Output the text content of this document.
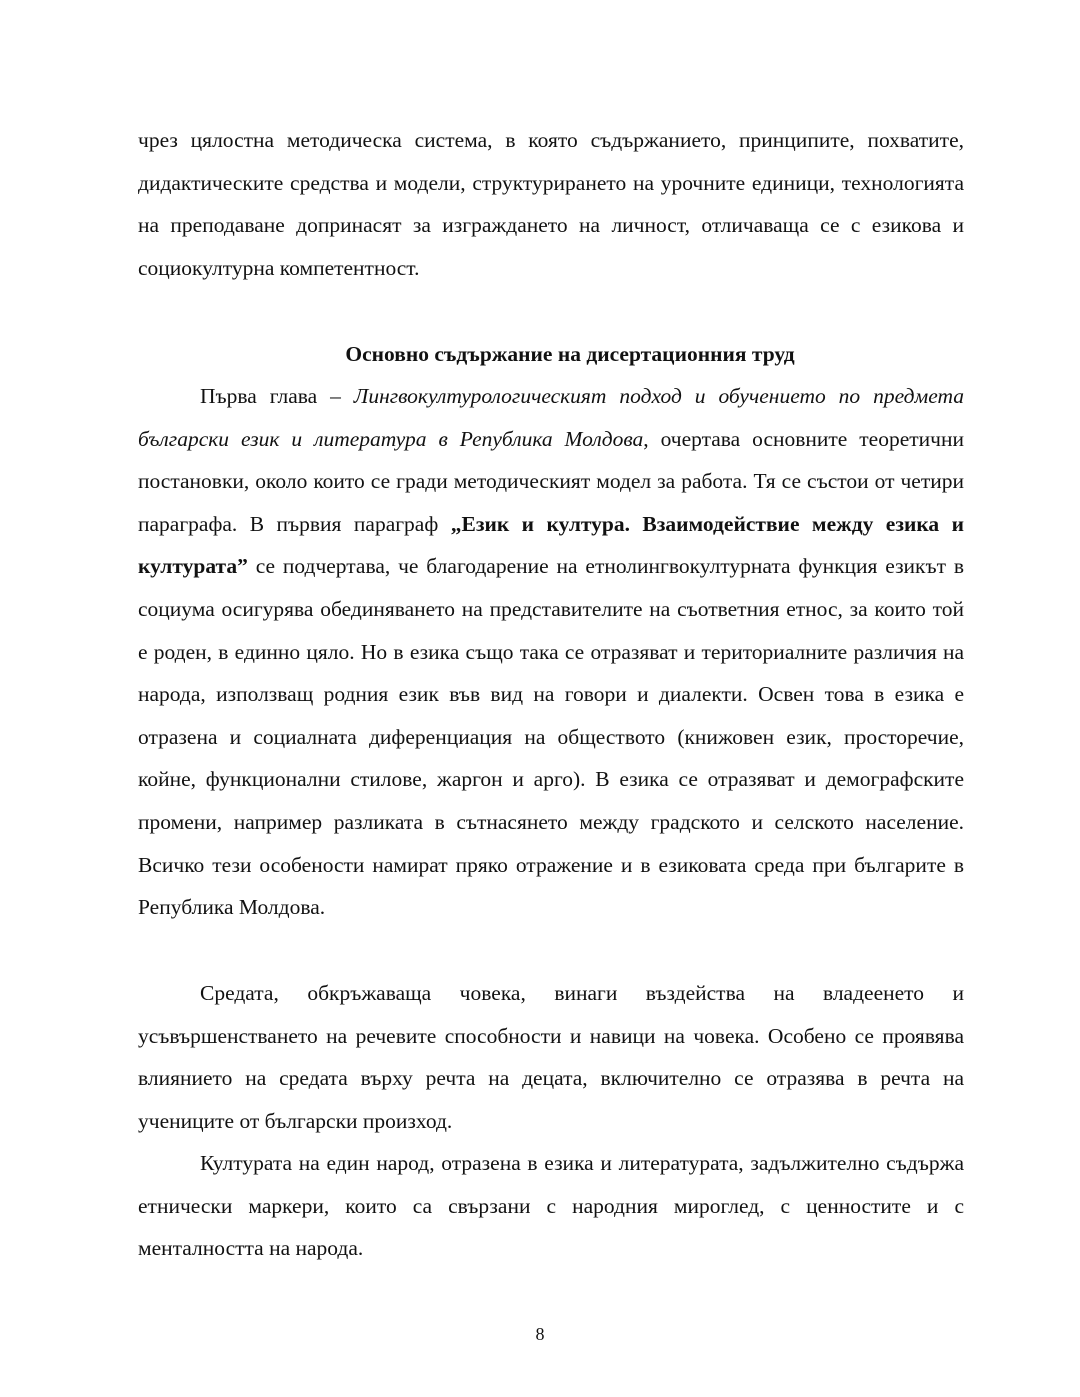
чрез цялостна методическа система, в която съдържанието, принципите, похватите, дидактическите средства и модели, структурирането на урочните единици, технологията на преподаване допринасят за изграждането на личност, отличаваща се с езикова и социокултурна компетентност.

Основно съдържание на дисертационния труд

Първа глава – Лингвокултурологическият подход и обучението по предмета български език и литература в Република Молдова, очертава основните теоретични постановки, около които се гради методическият модел за работа. Тя се състои от четири параграфа. В първия параграф „Език и култура. Взаимодействие между езика и културата” се подчертава, че благодарение на етнолингвокултурната функция езикът в социума осигурява обединяването на представителите на съответния етнос, за които той е роден, в единно цяло. Но в езика също така се отразяват и териториалните различия на народа, използващ родния език във вид на говори и диалекти. Освен това в езика е отразена и социалната диференциация на обществото (книжовен език, просторечие, койне, функционални стилове, жаргон и арго). В езика се отразяват и демографските промени, например разликата в сътнасянето между градското и селското население. Всичко тези особености намират пряко отражение и в езиковата среда при българите в Република Молдова.

Средата, обкръжаваща човека, винаги въздейства на владеенето и усъвършенстването на речевите способности и навици на човека. Особено се проявява влиянието на средата върху речта на децата, включително се отразява в речта на учениците от български произход.

Културата на един народ, отразена в езика и литературата, задължително съдържа етнически маркери, които са свързани с народния мироглед, с ценностите и с менталността на народа.

8
